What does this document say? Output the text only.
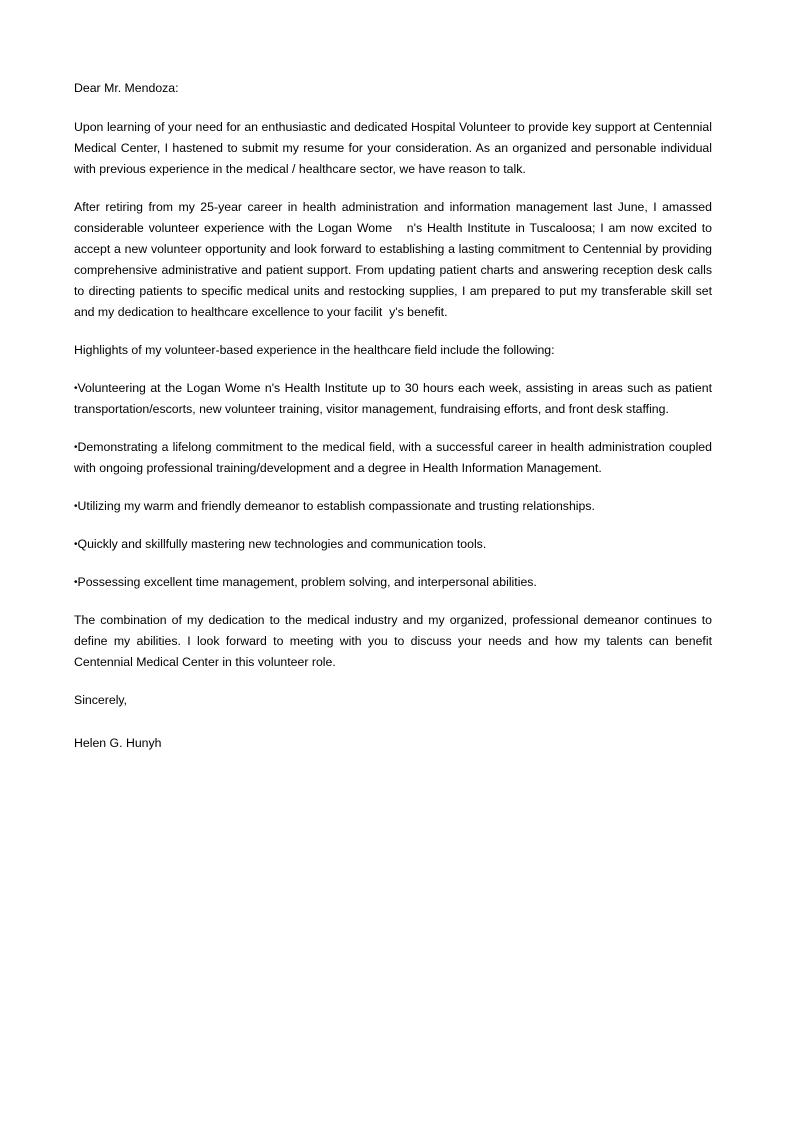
Dear Mr. Mendoza:

Upon learning of your need for an enthusiastic and dedicated Hospital Volunteer to provide key support at Centennial Medical Center, I hastened to submit my resume for your consideration. As an organized and personable individual with previous experience in the medical / healthcare sector, we have reason to talk.

After retiring from my 25-year career in health administration and information management last June, I amassed considerable volunteer experience with the Logan Wome   n's Health Institute in Tuscaloosa; I am now excited to accept a new volunteer opportunity and look forward to establishing a lasting commitment to Centennial by providing comprehensive administrative and patient support. From updating patient charts and answering reception desk calls to directing patients to specific medical units and restocking supplies, I am prepared to put my transferable skill set and my dedication to healthcare excellence to your facilit  y's benefit.

Highlights of my volunteer-based experience in the healthcare field include the following:

•Volunteering at the Logan Wome n's Health Institute up to 30 hours each week, assisting in areas such as patient transportation/escorts, new volunteer training, visitor management, fundraising efforts, and front desk staffing.

•Demonstrating a lifelong commitment to the medical field, with a successful career in health administration coupled with ongoing professional training/development and a degree in Health Information Management.

•Utilizing my warm and friendly demeanor to establish compassionate and trusting relationships.

•Quickly and skillfully mastering new technologies and communication tools.

•Possessing excellent time management, problem solving, and interpersonal abilities.

The combination of my dedication to the medical industry and my organized, professional demeanor continues to define my abilities. I look forward to meeting with you to discuss your needs and how my talents can benefit Centennial Medical Center in this volunteer role.

Sincerely,

Helen G. Hunyh
